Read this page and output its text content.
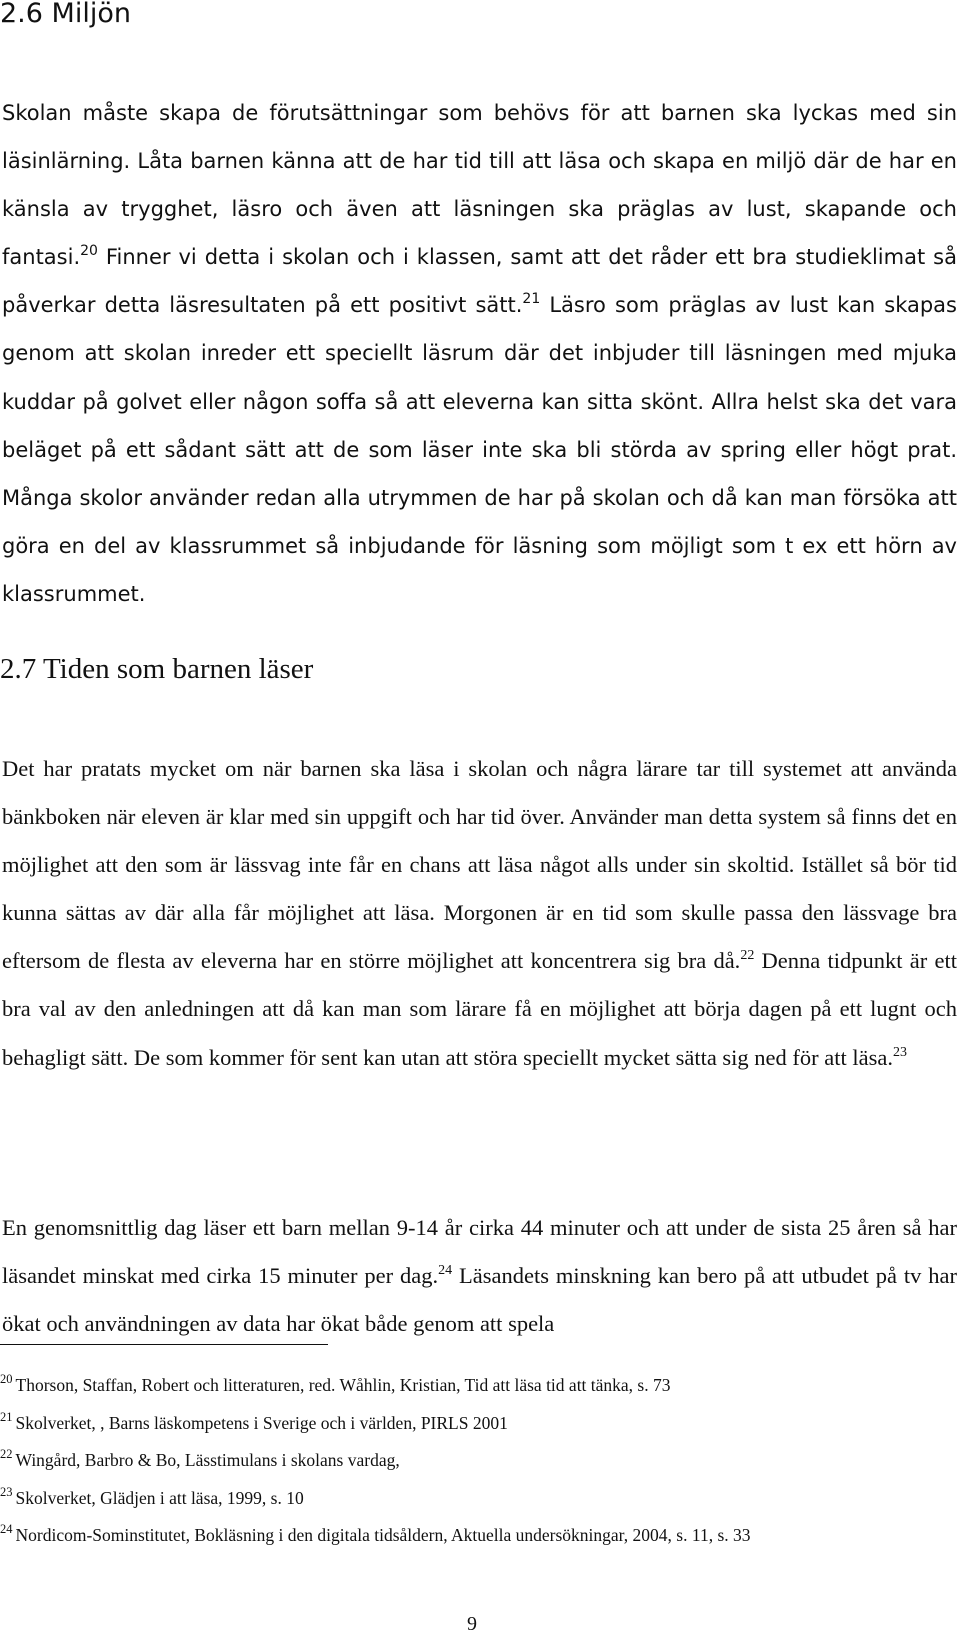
2.6 Miljön

Skolan måste skapa de förutsättningar som behövs för att barnen ska lyckas med sin läsinlärning. Låta barnen känna att de har tid till att läsa och skapa en miljö där de har en känsla av trygghet, läsro och även att läsningen ska präglas av lust, skapande och fantasi.$^{20}$ Finner vi detta i skolan och i klassen, samt att det råder ett bra studieklimat så påverkar detta läsresultaten på ett positivt sätt.$^{21}$ Läsro som präglas av lust kan skapas genom att skolan inreder ett speciellt läsrum där det inbjuder till läsningen med mjuka kuddar på golvet eller någon soffa så att eleverna kan sitta skönt. Allra helst ska det vara beläget på ett sådant sätt att de som läser inte ska bli störda av spring eller högt prat. Många skolor använder redan alla utrymmen de har på skolan och då kan man försöka att göra en del av klassrummet så inbjudande för läsning som möjligt som t ex ett hörn av klassrummet.

2.7 Tiden som barnen läser

Det har pratats mycket om när barnen ska läsa i skolan och några lärare tar till systemet att använda bänkboken när eleven är klar med sin uppgift och har tid över. Använder man detta system så finns det en möjlighet att den som är lässvag inte får en chans att läsa något alls under sin skoltid. Istället så bör tid kunna sättas av där alla får möjlighet att läsa. Morgonen är en tid som skulle passa den lässvage bra eftersom de flesta av eleverna har en större möjlighet att koncentrera sig bra då.$^{22}$ Denna tidpunkt är ett bra val av den anledningen att då kan man som lärare få en möjlighet att börja dagen på ett lugnt och behagligt sätt. De som kommer för sent kan utan att störa speciellt mycket sätta sig ned för att läsa.$^{23}$

En genomsnittlig dag läser ett barn mellan 9-14 år cirka 44 minuter och att under de sista 25 åren så har läsandet minskat med cirka 15 minuter per dag.$^{24}$ Läsandets minskning kan bero på att utbudet på tv har ökat och användningen av data har ökat både genom att spela

$^{20}$ Thorson, Staffan, Robert och litteraturen, red. Wåhlin, Kristian, Tid att läsa tid att tänka, s. 73
$^{21}$ Skolverket, , Barns läskompetens i Sverige och i världen, PIRLS 2001
$^{22}$ Wingård, Barbro & Bo, Lässtimulans i skolans vardag,
$^{23}$ Skolverket, Glädjen i att läsa, 1999, s. 10
$^{24}$ Nordicom-Sominstitutet, Bokläsning i den digitala tidsåldern, Aktuella undersökningar, 2004, s. 11, s. 33
9
